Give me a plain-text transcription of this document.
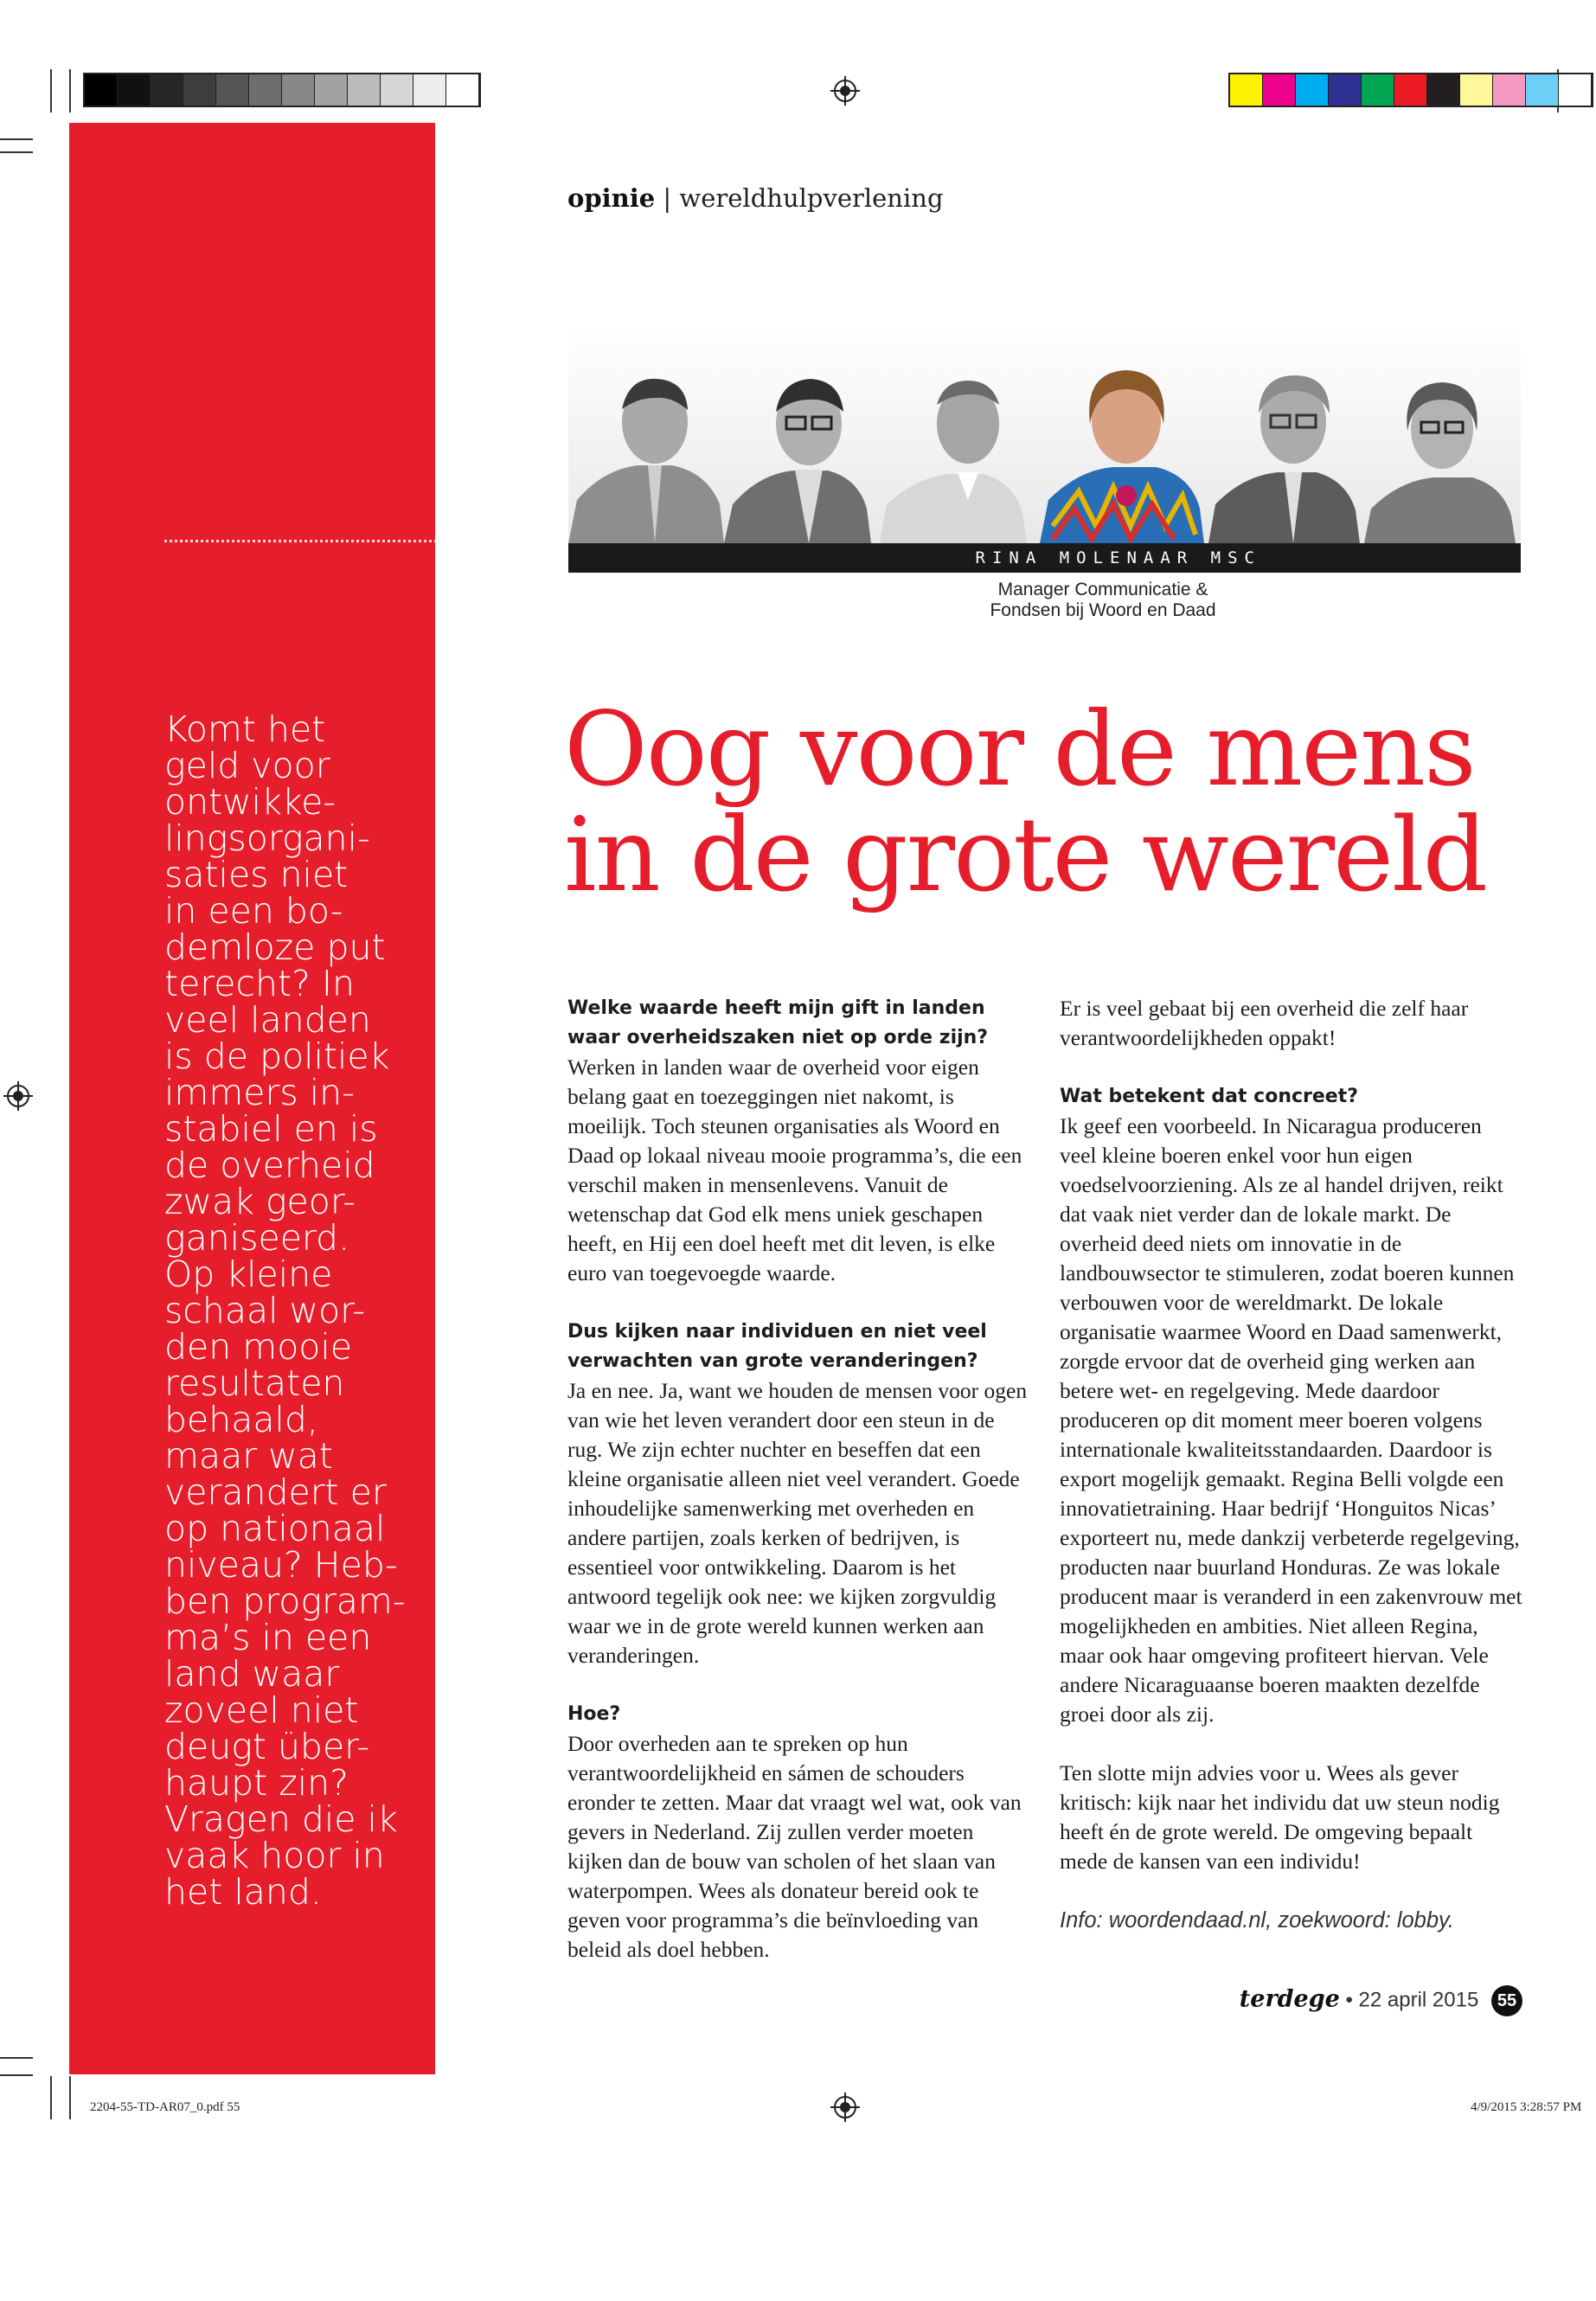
Komt het
geld voor
ontwikke-
lingsorgani-
saties niet
in een bo-
demloze put
terecht? In
veel landen
is de politiek
immers in-
stabiel en is
de overheid
zwak geor-
ganiseerd.
Op kleine
schaal wor-
den mooie
resultaten
behaald,
maar wat
verandert er
op nationaal
niveau? Heb-
ben program-
ma’s in een
land waar
zoveel niet
deugt über-
haupt zin?
Vragen die ik
vaak hoor in
het land.
opinie | wereldhulpverlening
RINA MOLENAAR MSC
Manager Communicatie &
Fondsen bij Woord en Daad
Oog voor de mens
in de grote wereld
Welke waarde heeft mijn gift in landen waar overheidszaken niet op orde zijn?

Werken in landen waar de overheid voor eigen belang gaat en toezeggingen niet nakomt, is moeilijk. Toch steunen organisaties als Woord en Daad op lokaal niveau mooie programma’s, die een verschil maken in mensenlevens. Vanuit de wetenschap dat God elk mens uniek geschapen heeft, en Hij een doel heeft met dit leven, is elke euro van toegevoegde waarde.

Dus kijken naar individuen en niet veel verwachten van grote veranderingen?

Ja en nee. Ja, want we houden de mensen voor ogen van wie het leven verandert door een steun in de rug. We zijn echter nuchter en beseffen dat een kleine organisatie alleen niet veel verandert. Goede inhoudelijke samenwerking met overheden en andere partijen, zoals kerken of bedrijven, is essentieel voor ontwikkeling. Daarom is het antwoord tegelijk ook nee: we kijken zorgvuldig waar we in de grote wereld kunnen werken aan veranderingen.

Hoe?

Door overheden aan te spreken op hun verantwoordelijkheid en sámen de schouders eronder te zetten. Maar dat vraagt wel wat, ook van gevers in Nederland. Zij zullen verder moeten kijken dan de bouw van scholen of het slaan van waterpompen. Wees als donateur bereid ook te geven voor programma’s die beïnvloeding van beleid als doel hebben.

Er is veel gebaat bij een overheid die zelf haar verantwoordelijkheden oppakt!

Wat betekent dat concreet?

Ik geef een voorbeeld. In Nicaragua produceren veel kleine boeren enkel voor hun eigen voedselvoorziening. Als ze al handel drijven, reikt dat vaak niet verder dan de lokale markt. De overheid deed niets om innovatie in de landbouwsector te stimuleren, zodat boeren kunnen verbouwen voor de wereldmarkt. De lokale organisatie waarmee Woord en Daad samenwerkt, zorgde ervoor dat de overheid ging werken aan betere wet- en regelgeving. Mede daardoor produceren op dit moment meer boeren volgens internationale kwaliteitsstandaarden. Daardoor is export mogelijk gemaakt. Regina Belli volgde een innovatietraining. Haar bedrijf ‘Honguitos Nicas’ exporteert nu, mede dankzij verbeterde regelgeving, producten naar buurland Honduras. Ze was lokale producent maar is veranderd in een zakenvrouw met mogelijkheden en ambities. Niet alleen Regina, maar ook haar omgeving profiteert hiervan. Vele andere Nicaraguaanse boeren maakten dezelfde groei door als zij.

Ten slotte mijn advies voor u. Wees als gever kritisch: kijk naar het individu dat uw steun nodig heeft én de grote wereld. De omgeving bepaalt mede de kansen van een individu!

Info: woordendaad.nl, zoekwoord: lobby.
terdege • 22 april 2015 55
2204-55-TD-AR07_0.pdf 55	4/9/2015 3:28:57 PM
